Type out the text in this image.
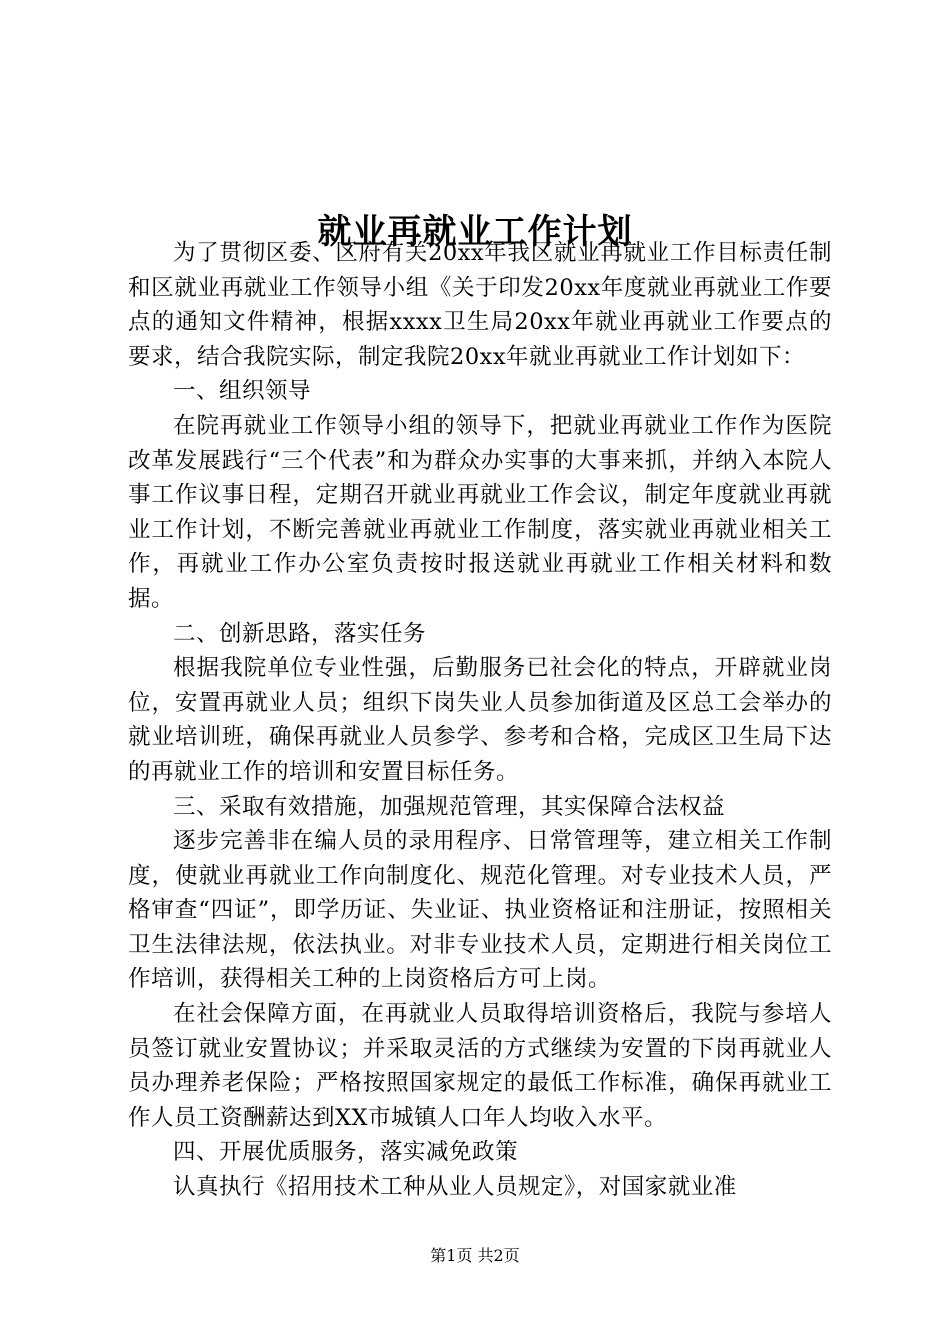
就业再就业工作计划

为了贯彻区委、区府有关20xx年我区就业再就业工作目标责任制和区就业再就业工作领导小组《关于印发20xx年度就业再就业工作要点的通知文件精神，根据xxxx卫生局20xx年就业再就业工作要点的要求，结合我院实际，制定我院20xx年就业再就业工作计划如下：

一、组织领导

在院再就业工作领导小组的领导下，把就业再就业工作作为医院改革发展践行“三个代表”和为群众办实事的大事来抓，并纳入本院人事工作议事日程，定期召开就业再就业工作会议，制定年度就业再就业工作计划，不断完善就业再就业工作制度，落实就业再就业相关工作，再就业工作办公室负责按时报送就业再就业工作相关材料和数据。

二、创新思路，落实任务

根据我院单位专业性强，后勤服务已社会化的特点，开辟就业岗位，安置再就业人员；组织下岗失业人员参加街道及区总工会举办的就业培训班，确保再就业人员参学、参考和合格，完成区卫生局下达的再就业工作的培训和安置目标任务。

三、采取有效措施，加强规范管理，其实保障合法权益

逐步完善非在编人员的录用程序、日常管理等，建立相关工作制度，使就业再就业工作向制度化、规范化管理。对专业技术人员，严格审查“四证”，即学历证、失业证、执业资格证和注册证，按照相关卫生法律法规，依法执业。对非专业技术人员，定期进行相关岗位工作培训，获得相关工种的上岗资格后方可上岗。

在社会保障方面，在再就业人员取得培训资格后，我院与参培人员签订就业安置协议；并采取灵活的方式继续为安置的下岗再就业人员办理养老保险；严格按照国家规定的最低工作标准，确保再就业工作人员工资酬薪达到XX市城镇人口年人均收入水平。

四、开展优质服务，落实减免政策

认真执行《招用技术工种从业人员规定》，对国家就业准

第1页 共2页
